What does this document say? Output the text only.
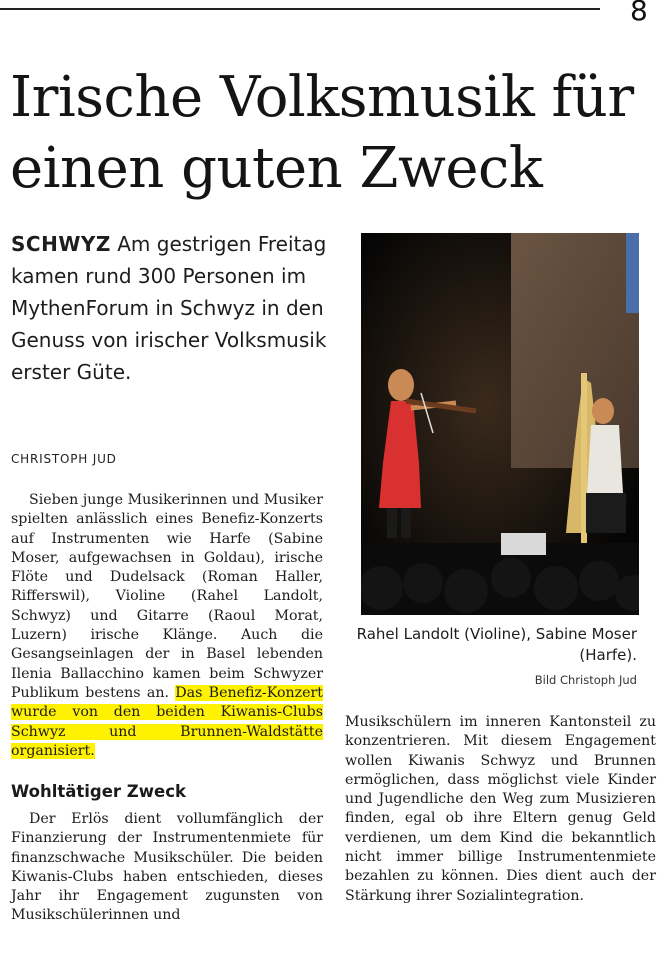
8
Irische Volksmusik für einen guten Zweck

SCHWYZ Am gestrigen Freitag kamen rund 300 Personen im MythenForum in Schwyz in den Genuss von irischer Volksmusik erster Güte.

CHRISTOPH JUD

Sieben junge Musikerinnen und Musiker spielten anlässlich eines Benefiz-Konzerts auf Instrumenten wie Harfe (Sabine Moser, aufgewachsen in Goldau), irische Flöte und Dudelsack (Roman Haller, Rifferswil), Violine (Rahel Landolt, Schwyz) und Gitarre (Raoul Morat, Luzern) irische Klänge. Auch die Gesangseinlagen der in Basel lebenden Ilenia Ballacchino kamen beim Schwyzer Publikum bestens an. Das Benefiz-Konzert wurde von den beiden Kiwanis-Clubs Schwyz und Brunnen-Waldstätte organisiert.

Wohltätiger Zweck

Der Erlös dient vollumfänglich der Finanzierung der Instrumentenmiete für finanzschwache Musikschüler. Die beiden Kiwanis-Clubs haben entschieden, dieses Jahr ihr Engagement zugunsten von Musikschülerinnen und

Musikschülern im inneren Kantonsteil zu konzentrieren. Mit diesem Engagement wollen Kiwanis Schwyz und Brunnen ermöglichen, dass möglichst viele Kinder und Jugendliche den Weg zum Musizieren finden, egal ob ihre Eltern genug Geld verdienen, um dem Kind die bekanntlich nicht immer billige Instrumentenmiete bezahlen zu können. Dies dient auch der Stärkung ihrer Sozialintegration.

Rahel Landolt (Violine), Sabine Moser (Harfe).

Bild Christoph Jud
